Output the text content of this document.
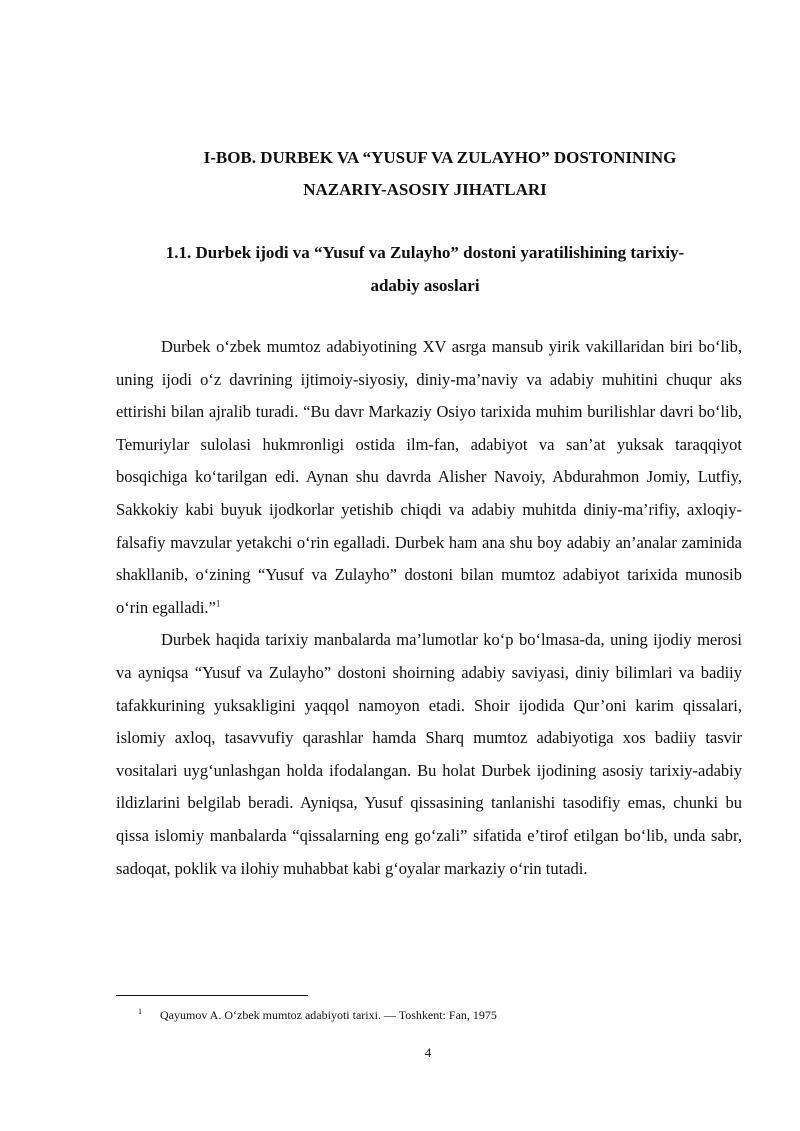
I-BOB. DURBEK VA “YUSUF VA ZULAYHO” DOSTONINING
NAZARIY-ASOSIY JIHATLARI
1.1. Durbek ijodi va “Yusuf va Zulayho” dostoni yaratilishining tarixiy-
adabiy asoslari

Durbek o‘zbek mumtoz adabiyotining XV asrga mansub yirik vakillaridan biri bo‘lib, uning ijodi o‘z davrining ijtimoiy-siyosiy, diniy-ma’naviy va adabiy muhitini chuqur aks ettirishi bilan ajralib turadi. “Bu davr Markaziy Osiyo tarixida muhim burilishlar davri bo‘lib, Temuriylar sulolasi hukmronligi ostida ilm-fan, adabiyot va san’at yuksak taraqqiyot bosqichiga ko‘tarilgan edi. Aynan shu davrda Alisher Navoiy, Abdurahmon Jomiy, Lutfiy, Sakkokiy kabi buyuk ijodkorlar yetishib chiqdi va adabiy muhitda diniy-ma’rifiy, axloqiy-falsafiy mavzular yetakchi o‘rin egalladi. Durbek ham ana shu boy adabiy an’analar zaminida shakllanib, o‘zining “Yusuf va Zulayho” dostoni bilan mumtoz adabiyot tarixida munosib o‘rin egalladi.”$^1$

Durbek haqida tarixiy manbalarda ma’lumotlar ko‘p bo‘lmasa-da, uning ijodiy merosi va ayniqsa “Yusuf va Zulayho” dostoni shoirning adabiy saviyasi, diniy bilimlari va badiiy tafakkurining yuksakligini yaqqol namoyon etadi. Shoir ijodida Qur’oni karim qissalari, islomiy axloq, tasavvufiy qarashlar hamda Sharq mumtoz adabiyotiga xos badiiy tasvir vositalari uyg‘unlashgan holda ifodalangan. Bu holat Durbek ijodining asosiy tarixiy-adabiy ildizlarini belgilab beradi. Ayniqsa, Yusuf qissasining tanlanishi tasodifiy emas, chunki bu qissa islomiy manbalarda “qissalarning eng go‘zali” sifatida e’tirof etilgan bo‘lib, unda sabr, sadoqat, poklik va ilohiy muhabbat kabi g‘oyalar markaziy o‘rin tutadi.

$^1$ Qayumov A. O‘zbek mumtoz adabiyoti tarixi. — Toshkent: Fan, 1975
4
